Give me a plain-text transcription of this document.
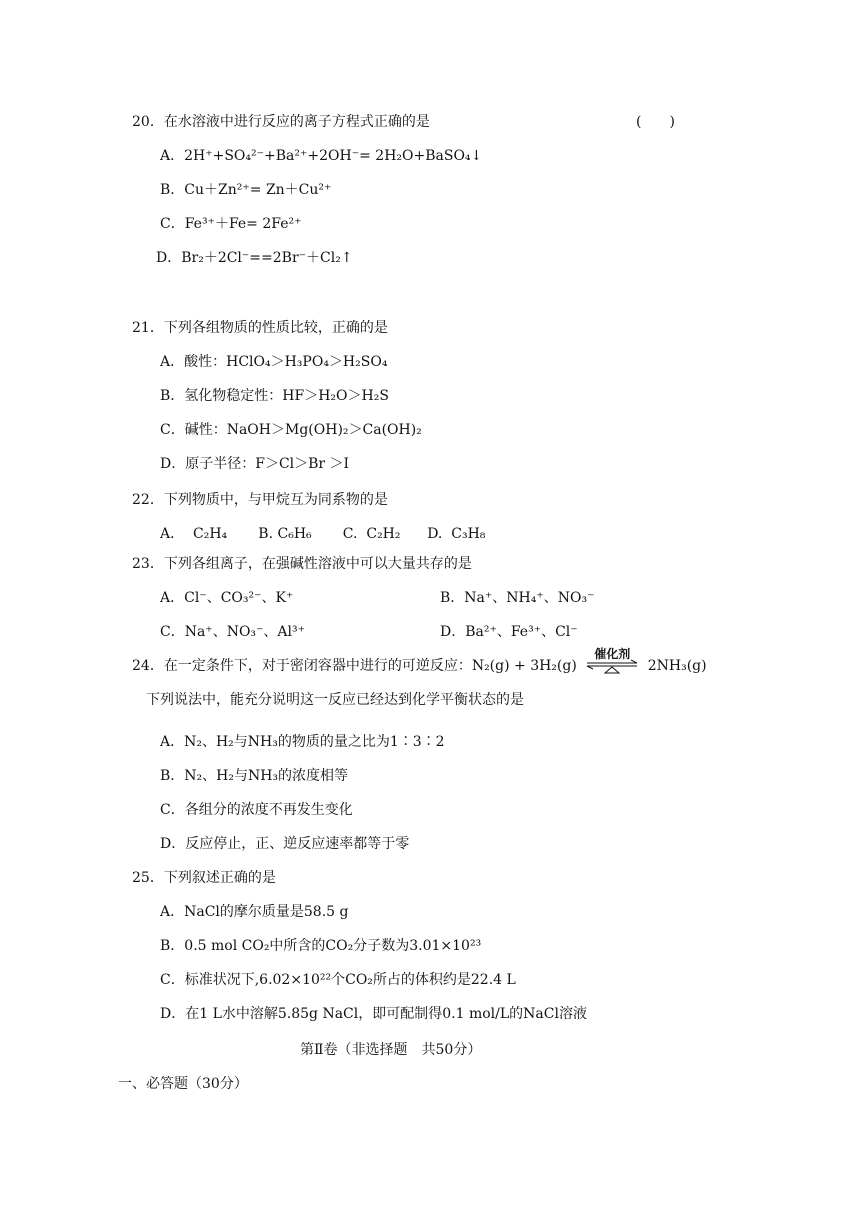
20．在水溶液中进行反应的离子方程式正确的是	(　　)
A．2H⁺+SO₄²⁻+Ba²⁺+2OH⁻= 2H₂O+BaSO₄↓
B．Cu＋Zn²⁺= Zn＋Cu²⁺
C．Fe³⁺＋Fe= 2Fe²⁺
D．Br₂＋2Cl⁻==2Br⁻＋Cl₂↑
21．下列各组物质的性质比较，正确的是
A．酸性：HClO₄＞H₃PO₄＞H₂SO₄
B．氢化物稳定性：HF＞H₂O＞H₂S
C．碱性：NaOH＞Mg(OH)₂＞Ca(OH)₂
D．原子半径：F＞Cl＞Br ＞I
22．下列物质中，与甲烷互为同系物的是
A．  C₂H₄       B. C₆H₆       C.  C₂H₂      D.  C₃H₈
23．下列各组离子，在强碱性溶液中可以大量共存的是
A．Cl⁻、CO₃²⁻、K⁺	B．Na⁺、NH₄⁺、NO₃⁻
C．Na⁺、NO₃⁻、Al³⁺	D．Ba²⁺、Fe³⁺、Cl⁻
24．在一定条件下，对于密闭容器中进行的可逆反应：N₂(g) + 3H₂(g)
催化剂
2NH₃(g)
下列说法中，能充分说明这一反应已经达到化学平衡状态的是
A．N₂、H₂与NH₃的物质的量之比为1∶3∶2
B．N₂、H₂与NH₃的浓度相等
C．各组分的浓度不再发生变化
D．反应停止，正、逆反应速率都等于零
25．下列叙述正确的是
A．NaCl的摩尔质量是58.5 g
B．0.5 mol CO₂中所含的CO₂分子数为3.01×10²³
C．标准状况下,6.02×10²²个CO₂所占的体积约是22.4 L
D．在1 L水中溶解5.85g NaCl，即可配制得0.1 mol/L的NaCl溶液
第Ⅱ卷（非选择题　共50分）
一、必答题（30分）
